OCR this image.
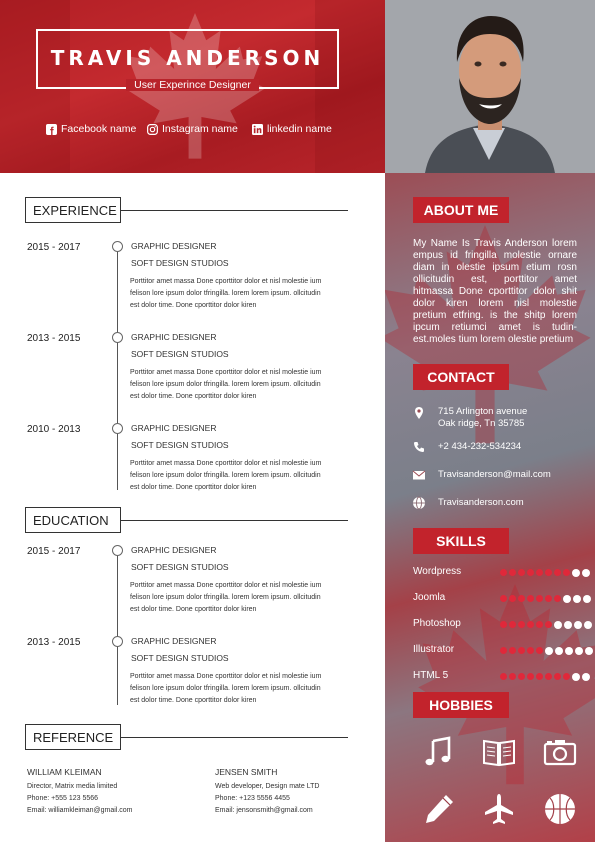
TRAVIS ANDERSON
User Experince Designer
Facebook name Instagram name	linkedin name
EXPERIENCE
2015 - 2017	GRAPHIC DESIGNER
SOFT DESIGN STUDIOS
Porttitor amet massa Done cporttitor dolor et nisl molestie ium
felison lore ipsum dolor tfringilla. lorem lorem ipsum. ollcitudin
est dolor time. Done cporttitor dolor kiren
2013 - 2015	GRAPHIC DESIGNER
SOFT DESIGN STUDIOS
Porttitor amet massa Done cporttitor dolor et nisl molestie ium
felison lore ipsum dolor tfringilla. lorem lorem ipsum. ollcitudin
est dolor time. Done cporttitor dolor kiren
2010 - 2013	GRAPHIC DESIGNER
SOFT DESIGN STUDIOS
Porttitor amet massa Done cporttitor dolor et nisl molestie ium
felison lore ipsum dolor tfringilla. lorem lorem ipsum. ollcitudin
est dolor time. Done cporttitor dolor kiren
EDUCATION
2015 - 2017	GRAPHIC DESIGNER
SOFT DESIGN STUDIOS
Porttitor amet massa Done cporttitor dolor et nisl molestie ium
felison lore ipsum dolor tfringilla. lorem lorem ipsum. ollcitudin
est dolor time. Done cporttitor dolor kiren
2013 - 2015	GRAPHIC DESIGNER
SOFT DESIGN STUDIOS
Porttitor amet massa Done cporttitor dolor et nisl molestie ium
felison lore ipsum dolor tfringilla. lorem lorem ipsum. ollcitudin
est dolor time. Done cporttitor dolor kiren
REFERENCE
WILLIAM KLEIMAN
Director, Matrix media limited
Phone: +555 123 5566
Email: williamkleiman@gmail.com
JENSEN SMITH
Web developer, Design mate LTD
Phone: +123 5556 4455
Email: jensonsmith@gmail.com
ABOUT ME
My Name Is Travis Anderson lorem empus id fringilla molestie ornare diam in olestie ipsum etium rosn ollicitudin est, porttitor amet hitmassa Done cporttitor dolor shit dolor kiren lorem nisl molestie pretium etfring. is the shitp lorem ipcum retiumci amet is tudin-est.moles tium lorem olestie pretium
CONTACT
715 Arlington avenue
Oak ridge, Tn 35785
+2 434-232-534234
Travisanderson@mail.com
Travisanderson.com
SKILLS
Wordpress
Joomla
Photoshop
Illustrator
HTML 5
HOBBIES
